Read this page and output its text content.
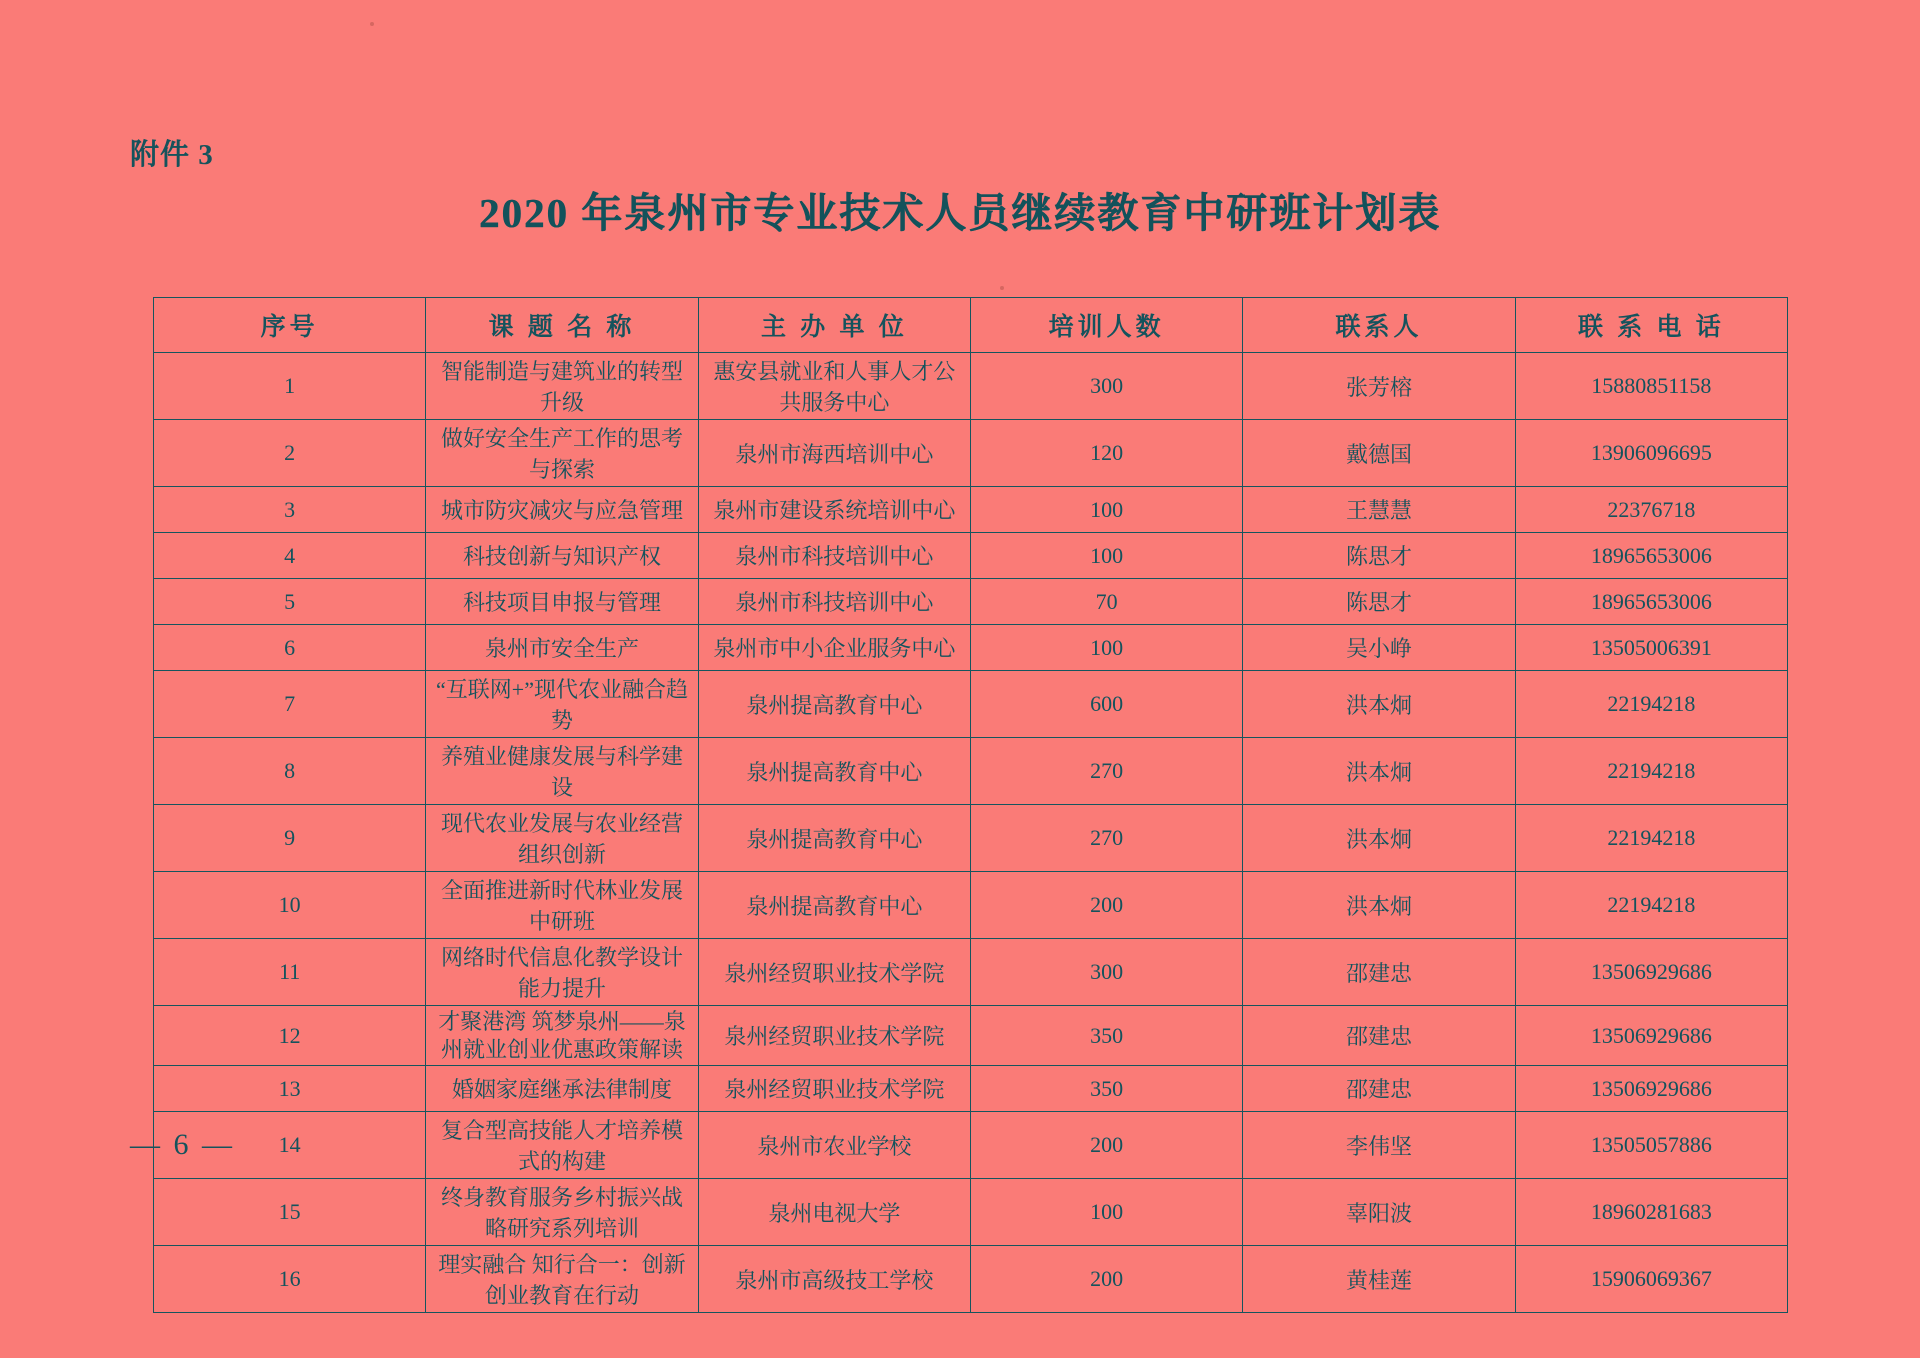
附件 3
2020 年泉州市专业技术人员继续教育中研班计划表
序号	课 题 名 称	主 办 单 位	培训人数	联系人	联 系 电 话
1	智能制造与建筑业的转型升级	惠安县就业和人事人才公共服务中心	300	张芳榕	15880851158
2	做好安全生产工作的思考与探索	泉州市海西培训中心	120	戴德国	13906096695
3	城市防灾减灾与应急管理	泉州市建设系统培训中心	100	王慧慧	22376718
4	科技创新与知识产权	泉州市科技培训中心	100	陈思才	18965653006
5	科技项目申报与管理	泉州市科技培训中心	70	陈思才	18965653006
6	泉州市安全生产	泉州市中小企业服务中心	100	吴小峥	13505006391
7	“互联网+”现代农业融合趋势	泉州提高教育中心	600	洪本炯	22194218
8	养殖业健康发展与科学建设	泉州提高教育中心	270	洪本炯	22194218
9	现代农业发展与农业经营组织创新	泉州提高教育中心	270	洪本炯	22194218
10	全面推进新时代林业发展中研班	泉州提高教育中心	200	洪本炯	22194218
11	网络时代信息化教学设计能力提升	泉州经贸职业技术学院	300	邵建忠	13506929686
12	才聚港湾 筑梦泉州——泉州就业创业优惠政策解读	泉州经贸职业技术学院	350	邵建忠	13506929686
13	婚姻家庭继承法律制度	泉州经贸职业技术学院	350	邵建忠	13506929686
14	复合型高技能人才培养模式的构建	泉州市农业学校	200	李伟坚	13505057886
15	终身教育服务乡村振兴战略研究系列培训	泉州电视大学	100	辜阳波	18960281683
16	理实融合 知行合一：创新创业教育在行动	泉州市高级技工学校	200	黄桂莲	15906069367
— 6 —
